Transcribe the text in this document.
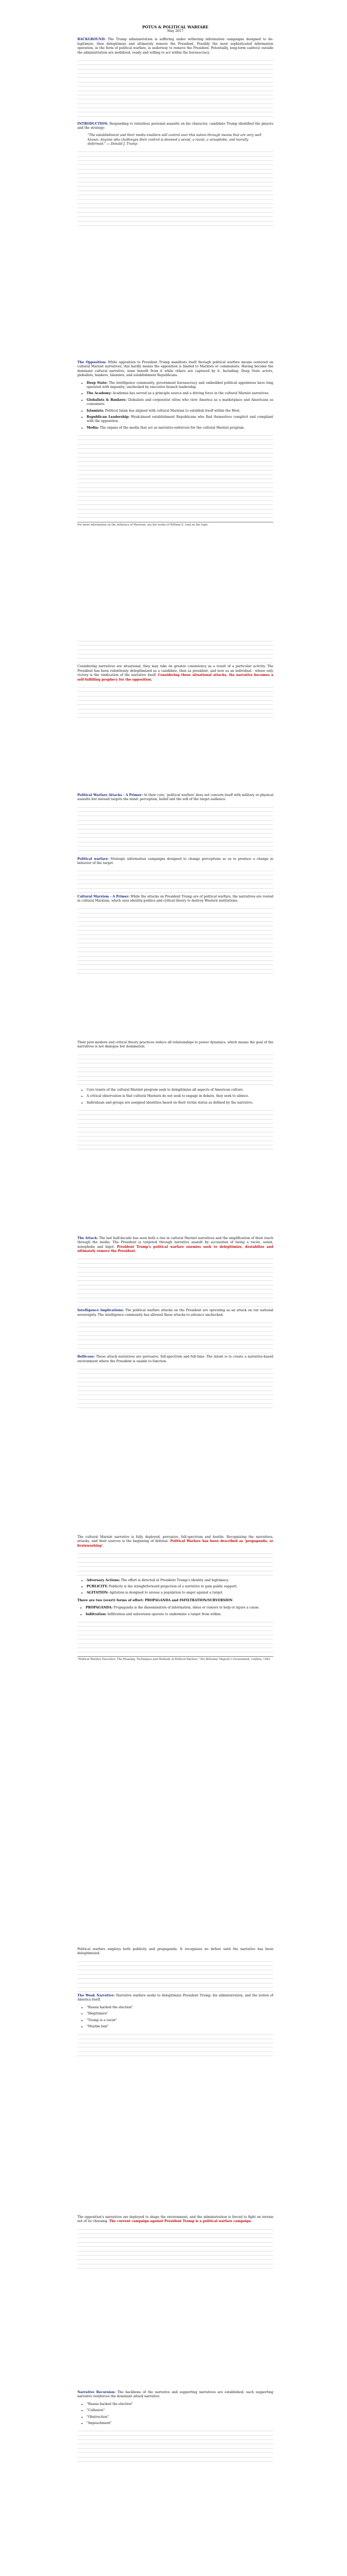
POTUS & POLITICAL WARFARE
May 2017

BACKGROUND: The Trump administration is suffering under withering information campaigns designed to de-legitimize, then delegitimize and ultimately remove the President. Possibly the most sophisticated information operation, in the form of political warfare, is underway to remove the President. Potentially, long-term cadre(s) outside the administration are mobilized, ready and willing to act within the bureaucracy.

INTRODUCTION: Responding to relentless personal assaults on his character, candidate Trump identified the players and the strategy:

"The establishment and their media enablers will control over this nation through means that are very well known. Anyone who challenges their control is deemed a sexist, a racist, a xenophobe, and morally deformed." ― Donald J. Trump

The Opposition: While opposition to President Trump manifests itself through political warfare means centered on cultural Marxist narratives, this hardly means the opposition is limited to Marxists or communists. Having become the dominant cultural narrative, none benefit from it while others are captured by it. Including: Deep State actors, globalists, bankers, Islamists, and establishment Republicans.

• Deep State: The intelligence community, government bureaucracy and embedded political appointees have long operated with impunity; unchecked by executive branch leadership.
• The Academy: Academia has served as a principle source and a driving force in the cultural Marxist narratives.
• Globalists & Bankers: Globalists and corporatist elites who view America as a marketplace and Americans as consumers.
• Islamists: Political Islam has aligned with cultural Marxism to establish itself within the West.
• Republican Leadership: Weak-kneed establishment Republicans who find themselves complicit and compliant with the opposition.
• Media: The organs of the media that act as narrative-enforcers for the cultural Marxist program.
For more information on the influence of Marxism, see the works of William S. Lind on the topic.

Considering narratives are situational, they may take on greater consistency as a result of a particular activity. The President has been relentlessly delegitimized as a candidate, then as president, and now as an individual - whose only victory is the vindication of the narrative itself. Considering these situational attacks, the narrative becomes a self-fulfilling prophecy for the opposition.

Political Warfare Attacks - A Primer: At their core, 'political warfare' does not concern itself with military or physical assaults but instead targets the mind: perception, belief and the will of the target audience.

Political warfare: Strategic information campaigns designed to change perceptions so as to produce a change in behavior of the target.

Cultural Marxism - A Primer: While the attacks on President Trump are of political warfare, the narratives are rooted in cultural Marxism, which uses identity-politics and critical theory to destroy Western institutions.

Their post-modern and critical theory practices reduce all relationships to power dynamics, which means the goal of the narratives is not dialogue but domination.

• Core tenets of the cultural Marxist program seek to delegitimize all aspects of American culture.
• A critical observation is that cultural Marxists do not seek to engage in debate, they seek to silence.
• Individuals and groups are assigned identities based on their victim status as defined by the narrative.

The Attack: The last half-decade has seen both a rise in cultural Marxist narratives and the amplification of their reach through the media. The President is targeted through narrative assault by accusation of being a racist, sexist, xenophobe and bigot. President Trump's political warfare enemies seek to delegitimize, destabilize and ultimately remove the President.

Intelligence Implications: The political warfare attacks on the President are operating as an attack on our national sovereignty. The intelligence community has allowed these attacks to advance unchecked.

Bellicose: These attack narratives are pervasive, full-spectrum and full-time. The intent is to create a narrative-based environment where the President is unable to function.

The cultural Marxist narrative is fully deployed, pervasive, full-spectrum and hostile. Recognizing the narratives, attacks, and their sources is the beginning of defense. Political Warfare has been described as 'propaganda, or brainwashing'.

• Adversary Actions: The effort is directed at President Trump's identity and legitimacy.
• PUBLICITY: Publicity is the straightforward projection of a narrative to gain public support.
• AGITATION: Agitation is designed to arouse a population to anger against a target.

There are two (overt) forms of effort: PROPAGANDA and INFILTRATION/SUBVERSION

• PROPAGANDA: Propaganda is the dissemination of information, ideas or rumors to help or injure a cause.
• Infiltration: Infiltration and subversion operate to undermine a target from within.
"Political Warfare Executive: The Meaning, Techniques and Methods of Political Warfare," His Britannic Majesty's Government, London, 1942.

Political warfare employs both publicity and propaganda. It recognizes no defeat until the narrative has been delegitimized.

The Weak Narrative: Narrative warfare seeks to delegitimize President Trump, his administration, and the notion of America itself.

• "Russia hacked the election"
• "Illegitimate"
• "Trump is a racist"
• "Muslim ban"

The opposition's narratives are deployed to shape the environment, and the administration is forced to fight on terrain not of its choosing. The current campaign against President Trump is a political warfare campaign.

Narrative Recursion: The backbone of the narrative and supporting narratives are established; each supporting narrative reinforces the dominant attack narrative.

• "Russia hacked the election"
• "Collusion"
• "Obstruction"
• "Impeachment"
